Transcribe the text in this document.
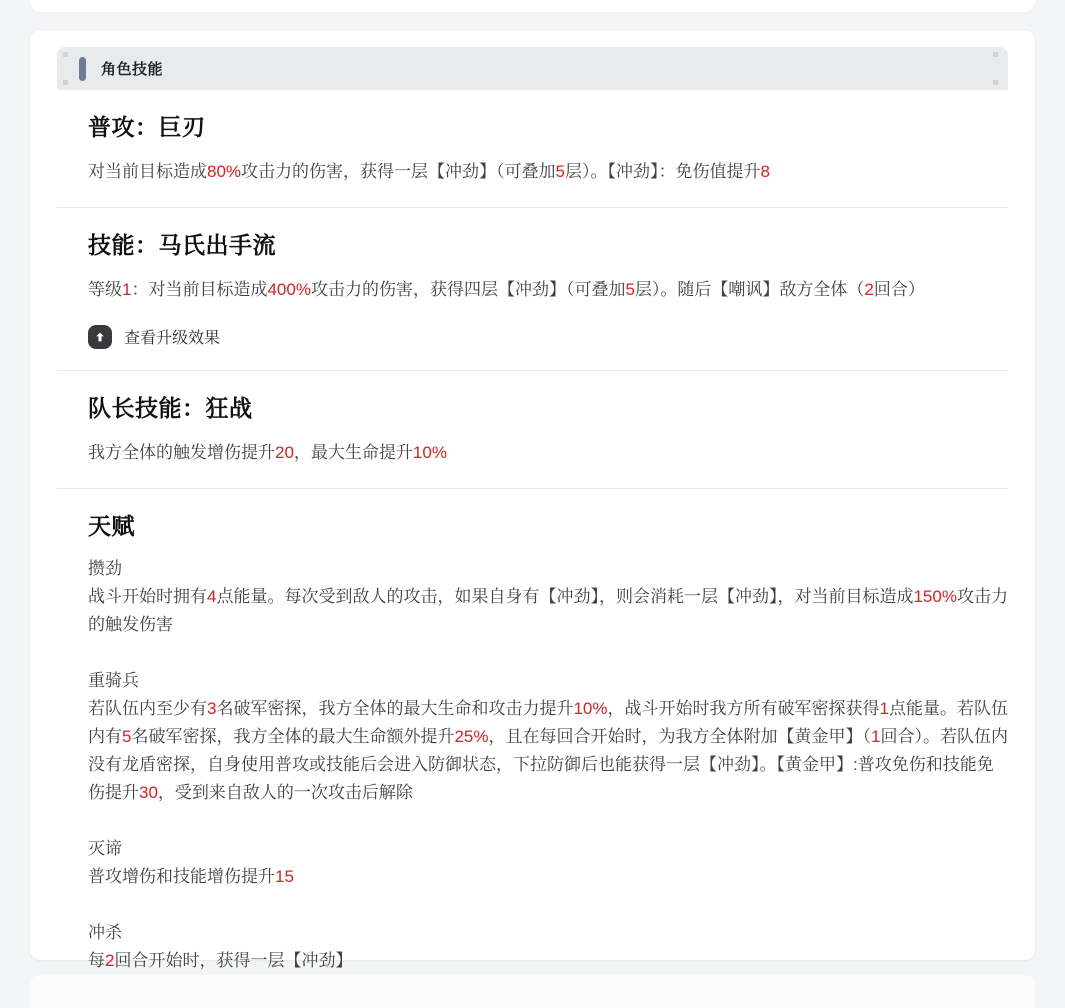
角色技能
普攻：巨刃

对当前目标造成80%攻击力的伤害，获得一层【冲劲】（可叠加5层）。【冲劲】：免伤值提升8

技能：马氏出手流

等级1：对当前目标造成400%攻击力的伤害，获得四层【冲劲】（可叠加5层）。随后【嘲讽】敌方全体（2回合）

查看升级效果
队长技能：狂战

我方全体的触发增伤提升20，最大生命提升10%

天赋
攒劲

战斗开始时拥有4点能量。每次受到敌人的攻击，如果自身有【冲劲】，则会消耗一层【冲劲】，对当前目标造成150%攻击力的触发伤害

重骑兵

若队伍内至少有3名破军密探，我方全体的最大生命和攻击力提升10%，战斗开始时我方所有破军密探获得1点能量。若队伍内有5名破军密探，我方全体的最大生命额外提升25%，且在每回合开始时，为我方全体附加【黄金甲】（1回合）。若队伍内没有龙盾密探，自身使用普攻或技能后会进入防御状态，下拉防御后也能获得一层【冲劲】。【黄金甲】:普攻免伤和技能免伤提升30，受到来自敌人的一次攻击后解除

灭谛

普攻增伤和技能增伤提升15

冲杀

每2回合开始时，获得一层【冲劲】
